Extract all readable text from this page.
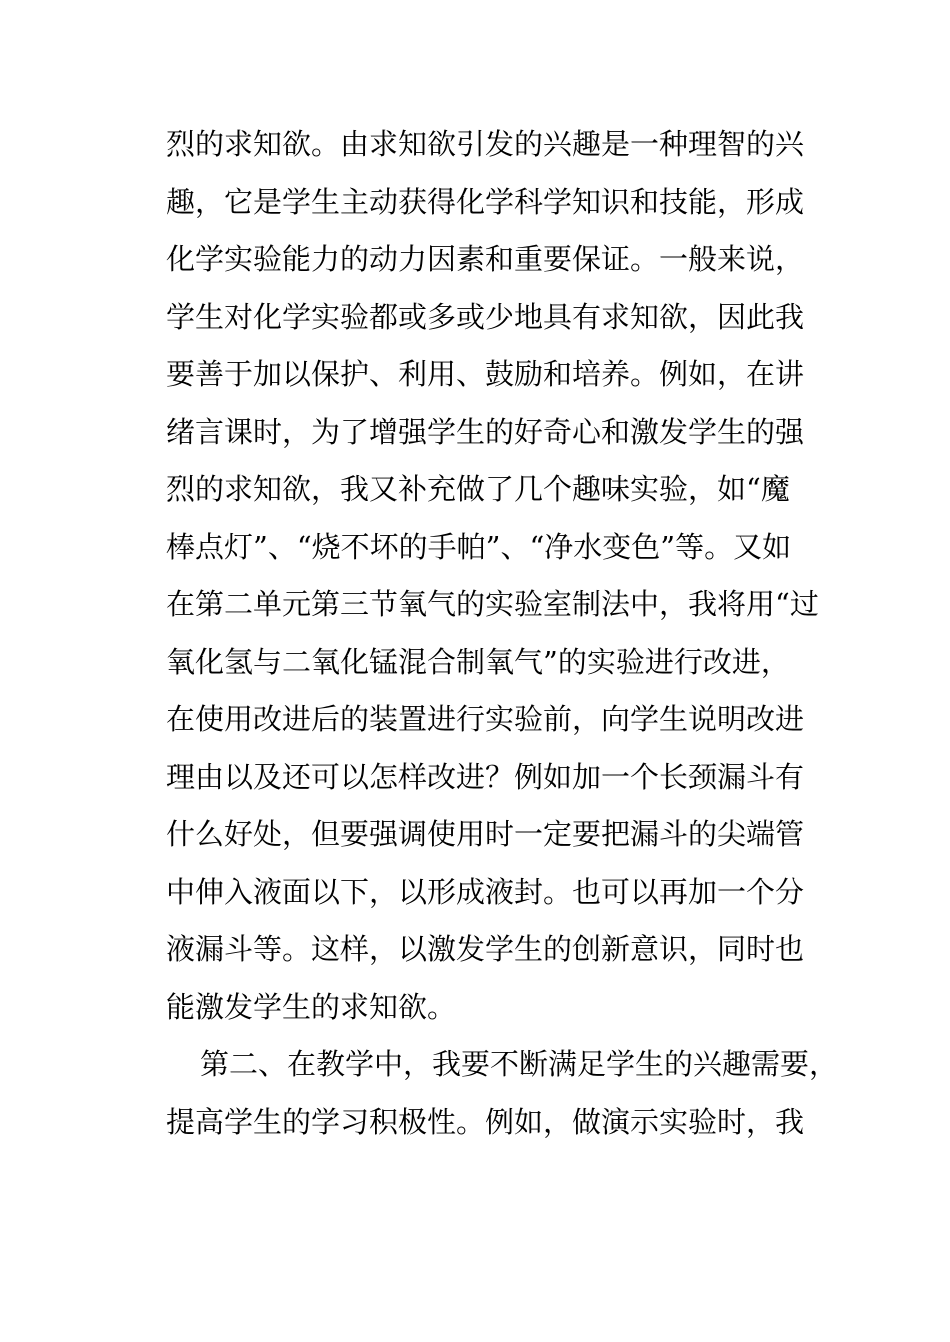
烈的求知欲。由求知欲引发的兴趣是一种理智的兴
趣，它是学生主动获得化学科学知识和技能，形成
化学实验能力的动力因素和重要保证。一般来说，
学生对化学实验都或多或少地具有求知欲，因此我
要善于加以保护、利用、鼓励和培养。例如，在讲
绪言课时，为了增强学生的好奇心和激发学生的强
烈的求知欲，我又补充做了几个趣味实验，如“魔
棒点灯”、“烧不坏的手帕”、“净水变色”等。又如
在第二单元第三节氧气的实验室制法中，我将用“过
氧化氢与二氧化锰混合制氧气”的实验进行改进，
在使用改进后的装置进行实验前，向学生说明改进
理由以及还可以怎样改进？例如加一个长颈漏斗有
什么好处，但要强调使用时一定要把漏斗的尖端管
中伸入液面以下，以形成液封。也可以再加一个分
液漏斗等。这样，以激发学生的创新意识，同时也
能激发学生的求知欲。
第二、在教学中，我要不断满足学生的兴趣需要，
提高学生的学习积极性。例如，做演示实验时，我
